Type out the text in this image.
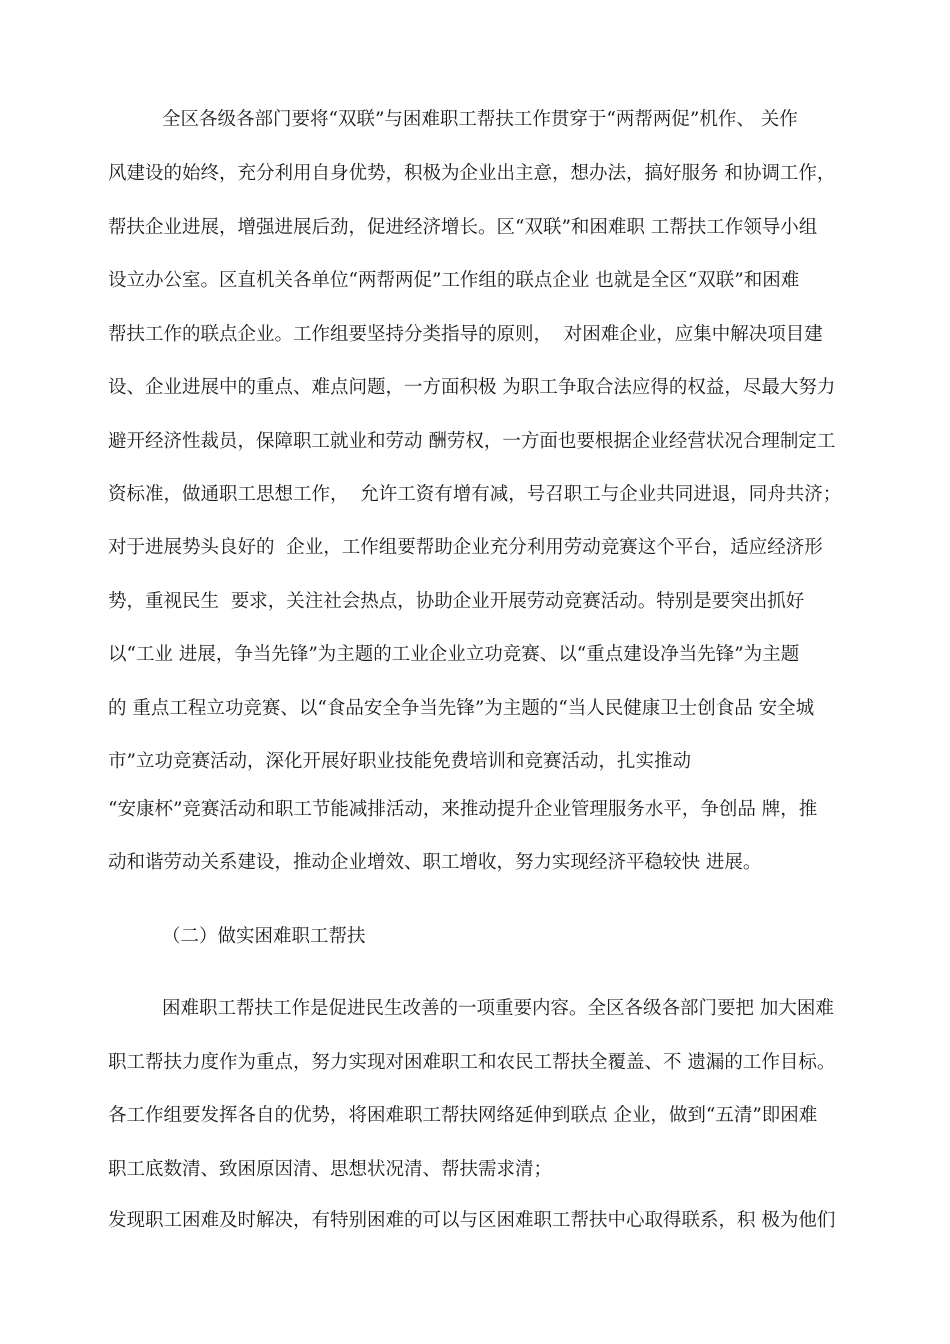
全区各级各部门要将“双联”与困难职工帮扶工作贯穿于“两帮两促”机作、 关作
风建设的始终，充分利用自身优势，积极为企业出主意，想办法，搞好服务 和协调工作，
帮扶企业进展，增强进展后劲，促进经济增长。区“双联”和困难职 工帮扶工作领导小组
设立办公室。区直机关各单位“两帮两促”工作组的联点企业 也就是全区“双联”和困难
帮扶工作的联点企业。工作组要坚持分类指导的原则，  对困难企业，应集中解决项目建
设、企业进展中的重点、难点问题，一方面积极 为职工争取合法应得的权益，尽最大努力
避开经济性裁员，保障职工就业和劳动 酬劳权，一方面也要根据企业经营状况合理制定工
资标准，做通职工思想工作，  允许工资有增有减，号召职工与企业共同进退，同舟共济；
对于进展势头良好的  企业，工作组要帮助企业充分利用劳动竞赛这个平台，适应经济形
势，重视民生  要求，关注社会热点，协助企业开展劳动竞赛活动。特别是要突出抓好
以“工业 进展，争当先锋”为主题的工业企业立功竞赛、以“重点建设净当先锋”为主题
的 重点工程立功竞赛、以“食品安全争当先锋”为主题的“当人民健康卫士创食品 安全城
市”立功竞赛活动，深化开展好职业技能免费培训和竞赛活动，扎实推动
“安康杯”竞赛活动和职工节能减排活动，来推动提升企业管理服务水平，争创品 牌，推
动和谐劳动关系建设，推动企业增效、职工增收，努力实现经济平稳较快 进展。
（二）做实困难职工帮扶
困难职工帮扶工作是促进民生改善的一项重要内容。全区各级各部门要把 加大困难
职工帮扶力度作为重点，努力实现对困难职工和农民工帮扶全覆盖、不 遗漏的工作目标。
各工作组要发挥各自的优势，将困难职工帮扶网络延伸到联点 企业，做到“五清”即困难
职工底数清、致困原因清、思想状况清、帮扶需求清；
发现职工困难及时解决，有特别困难的可以与区困难职工帮扶中心取得联系，积 极为他们
